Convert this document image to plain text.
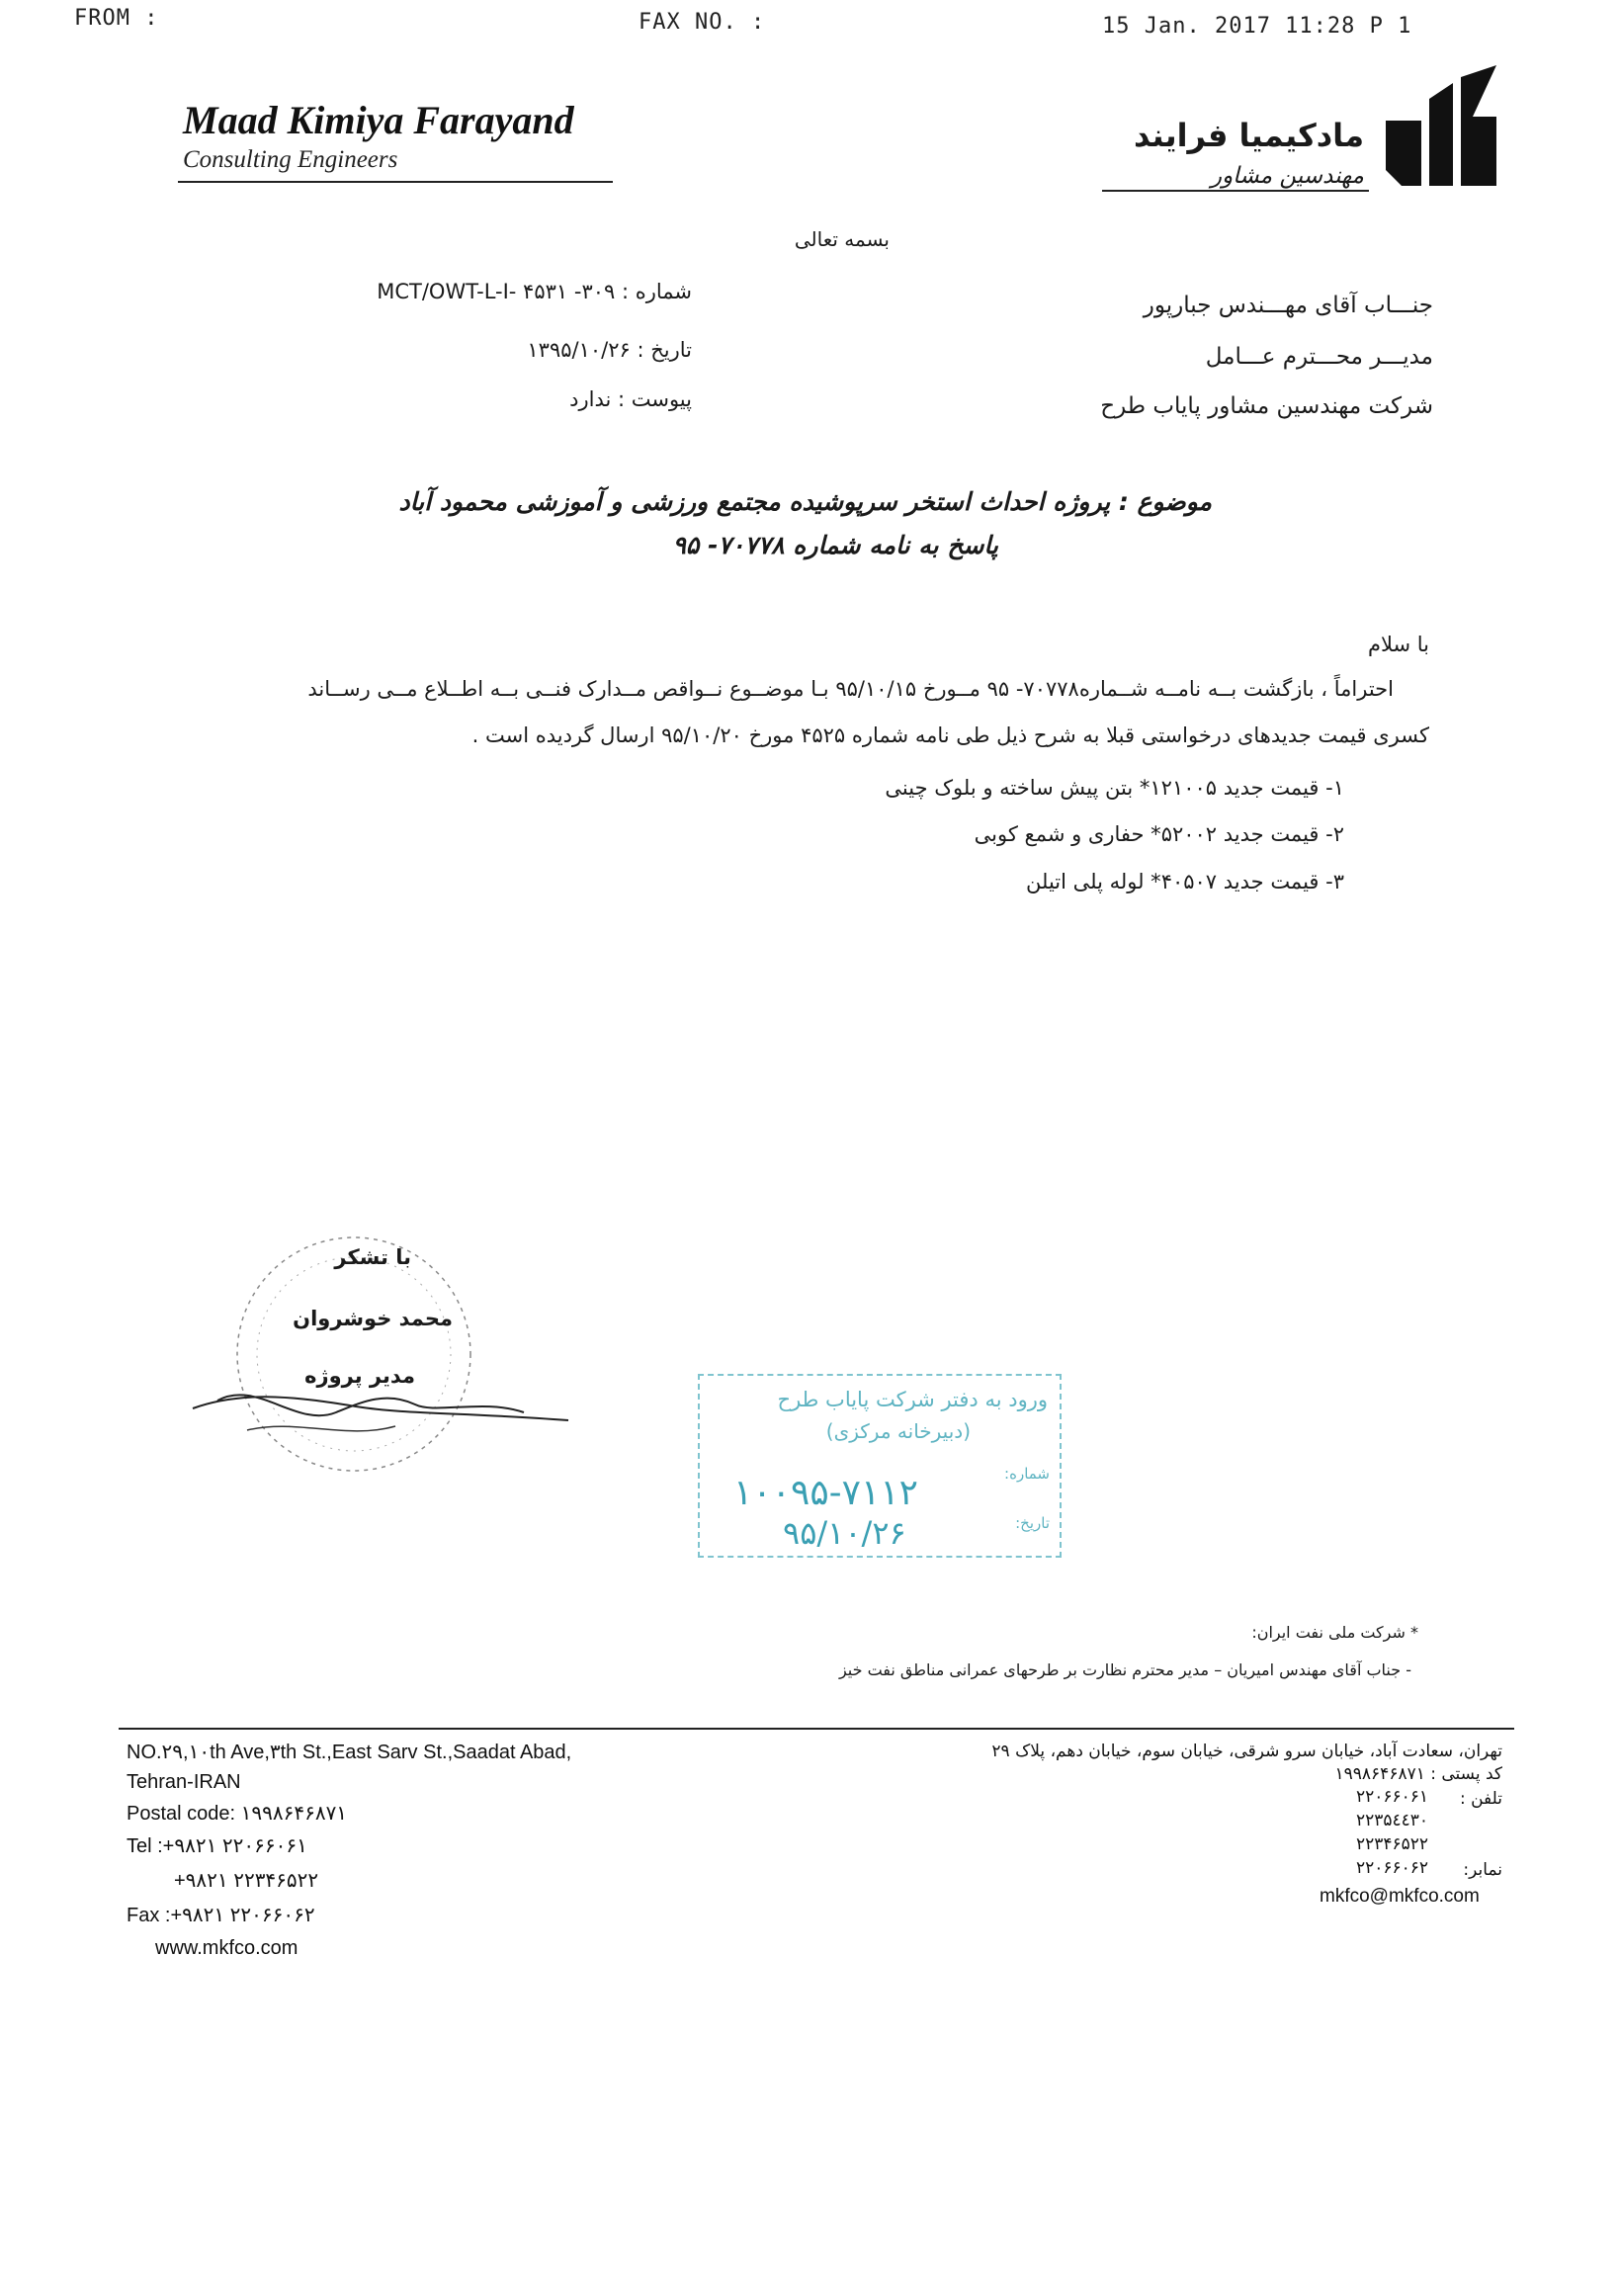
FROM :	FAX NO. :	15 Jan. 2017 11:28 P 1
Maad Kimiya Farayand
Consulting Engineers
مادکیمیا فرایند
مهندسین مشاور
بسمه تعالی
شماره : ۳۰۹- MCT/OWT-L-I- ۴۵۳۱
تاریخ : ۱۳۹۵/۱۰/۲۶
پیوست : ندارد
جنـــاب آقای مهـــندس جبارپور
مدیـــر محـــترم عـــامل
شرکت مهندسین مشاور پایاب طرح
موضوع : پروژه احداث استخر سرپوشیده مجتمع ورزشی و آموزشی محمود آباد
پاسخ به نامه شماره ۷۰۷۷۸- ۹۵
با سلام
احتراماً ، بازگشت بــه نامــه شــماره۷۰۷۷۸- ۹۵ مــورخ ۹۵/۱۰/۱۵ بـا موضــوع نــواقص مــدارک فنــی بــه اطــلاع مــی رســاند
کسری قیمت جدیدهای درخواستی قبلا به شرح ذیل طی نامه شماره ۴۵۲۵ مورخ ۹۵/۱۰/۲۰ ارسال گردیده است .
۱- قیمت جدید ۱۲۱۰۰۵* بتن پیش ساخته و بلوک چینی
۲- قیمت جدید ۵۲۰۰۲* حفاری و شمع کوبی
۳- قیمت جدید ۴۰۵۰۷* لوله پلی اتیلن
با تشکر
محمد خوشروان
مدیر پروژه
ورود به دفتر شرکت پایاب طرح
(دبیرخانه مرکزی)
شماره:
تاریخ:
۱۰۰۹۵-۷۱۱۲
۹۵/۱۰/۲۶
* شرکت ملی نفت ایران:
- جناب آقای مهندس امیریان – مدیر محترم نظارت بر طرحهای عمرانی مناطق نفت خیز
NO.۲۹,۱۰th Ave,۳th St.,East Sarv St.,Saadat Abad,
Tehran-IRAN
Postal code: ۱۹۹۸۶۴۶۸۷۱
Tel :+۹۸۲۱ ۲۲۰۶۶۰۶۱
+۹۸۲۱ ۲۲۳۴۶۵۲۲
Fax :+۹۸۲۱ ۲۲۰۶۶۰۶۲
www.mkfco.com
تهران، سعادت آباد، خیابان سرو شرقی، خیابان سوم، خیابان دهم، پلاک ۲۹
کد پستی : ۱۹۹۸۶۴۶۸۷۱
تلفن :
۲۲۰۶۶۰۶۱
۲۲۳۵٤٤۳۰
۲۲۳۴۶۵۲۲
نمابر:
۲۲۰۶۶۰۶۲
mkfco@mkfco.com
